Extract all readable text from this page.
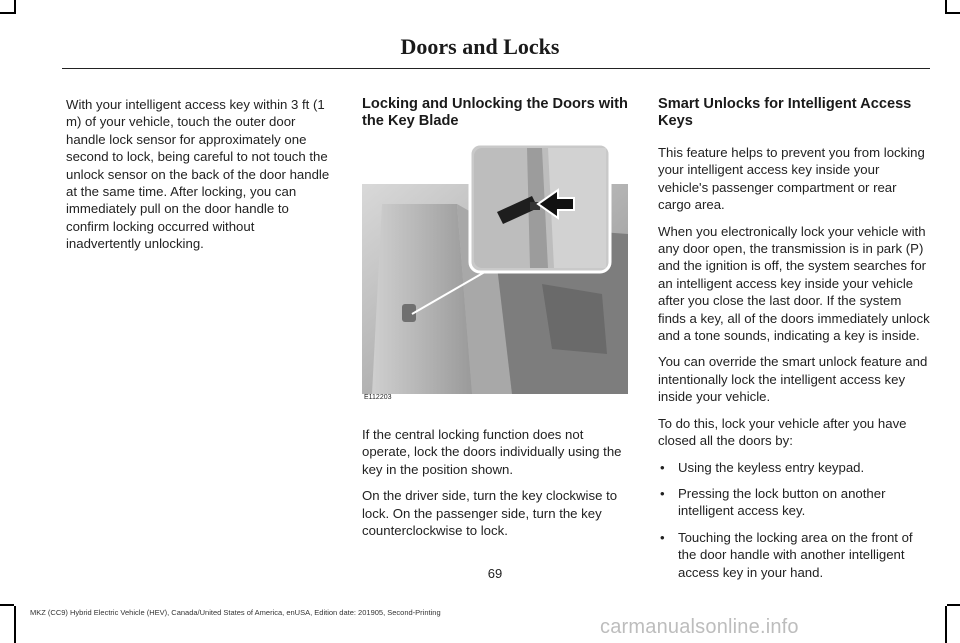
Doors and Locks

With your intelligent access key within 3 ft (1 m) of your vehicle, touch the outer door handle lock sensor for approximately one second to lock, being careful to not touch the unlock sensor on the back of the door handle at the same time. After locking, you can immediately pull on the door handle to confirm locking occurred without inadvertently unlocking.

Locking and Unlocking the Doors with the Key Blade
E112203

If the central locking function does not operate, lock the doors individually using the key in the position shown.

On the driver side, turn the key clockwise to lock. On the passenger side, turn the key counterclockwise to lock.

Smart Unlocks for Intelligent Access Keys

This feature helps to prevent you from locking your intelligent access key inside your vehicle's passenger compartment or rear cargo area.

When you electronically lock your vehicle with any door open, the transmission is in park (P) and the ignition is off, the system searches for an intelligent access key inside your vehicle after you close the last door. If the system finds a key, all of the doors immediately unlock and a tone sounds, indicating a key is inside.

You can override the smart unlock feature and intentionally lock the intelligent access key inside your vehicle.

To do this, lock your vehicle after you have closed all the doors by:

• Using the keyless entry keypad.
• Pressing the lock button on another intelligent access key.
• Touching the locking area on the front of the door handle with another intelligent access key in your hand.
69
MKZ (CC9) Hybrid Electric Vehicle (HEV), Canada/United States of America, enUSA, Edition date: 201905, Second-Printing
carmanualsonline.info
